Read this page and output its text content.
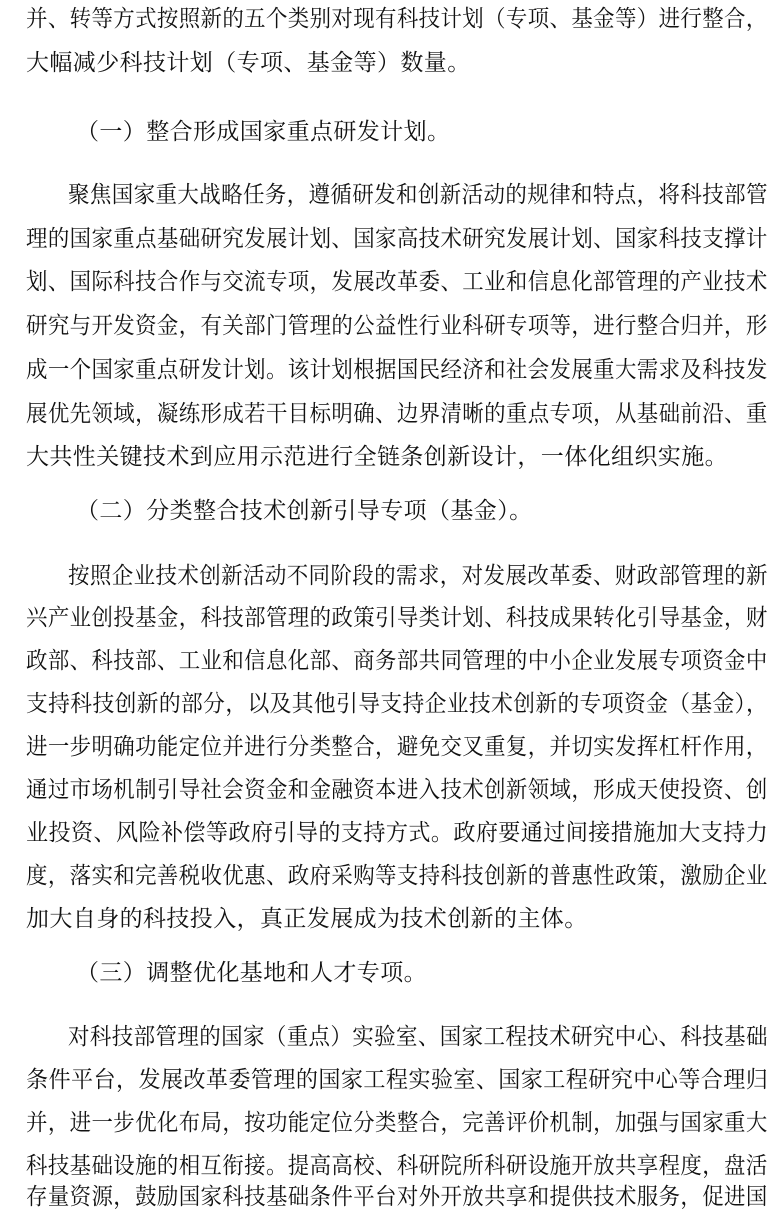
并、转等方式按照新的五个类别对现有科技计划（专项、基金等）进行整合，
大幅减少科技计划（专项、基金等）数量。
（一）整合形成国家重点研发计划。
聚焦国家重大战略任务，遵循研发和创新活动的规律和特点，将科技部管
理的国家重点基础研究发展计划、国家高技术研究发展计划、国家科技支撑计
划、国际科技合作与交流专项，发展改革委、工业和信息化部管理的产业技术
研究与开发资金，有关部门管理的公益性行业科研专项等，进行整合归并，形
成一个国家重点研发计划。该计划根据国民经济和社会发展重大需求及科技发
展优先领域，凝练形成若干目标明确、边界清晰的重点专项，从基础前沿、重
大共性关键技术到应用示范进行全链条创新设计，一体化组织实施。
（二）分类整合技术创新引导专项（基金）。
按照企业技术创新活动不同阶段的需求，对发展改革委、财政部管理的新
兴产业创投基金，科技部管理的政策引导类计划、科技成果转化引导基金，财
政部、科技部、工业和信息化部、商务部共同管理的中小企业发展专项资金中
支持科技创新的部分，以及其他引导支持企业技术创新的专项资金（基金），
进一步明确功能定位并进行分类整合，避免交叉重复，并切实发挥杠杆作用，
通过市场机制引导社会资金和金融资本进入技术创新领域，形成天使投资、创
业投资、风险补偿等政府引导的支持方式。政府要通过间接措施加大支持力
度，落实和完善税收优惠、政府采购等支持科技创新的普惠性政策，激励企业
加大自身的科技投入，真正发展成为技术创新的主体。
（三）调整优化基地和人才专项。
对科技部管理的国家（重点）实验室、国家工程技术研究中心、科技基础
条件平台，发展改革委管理的国家工程实验室、国家工程研究中心等合理归
并，进一步优化布局，按功能定位分类整合，完善评价机制，加强与国家重大
科技基础设施的相互衔接。提高高校、科研院所科研设施开放共享程度，盘活
存量资源，鼓励国家科技基础条件平台对外开放共享和提供技术服务，促进国
